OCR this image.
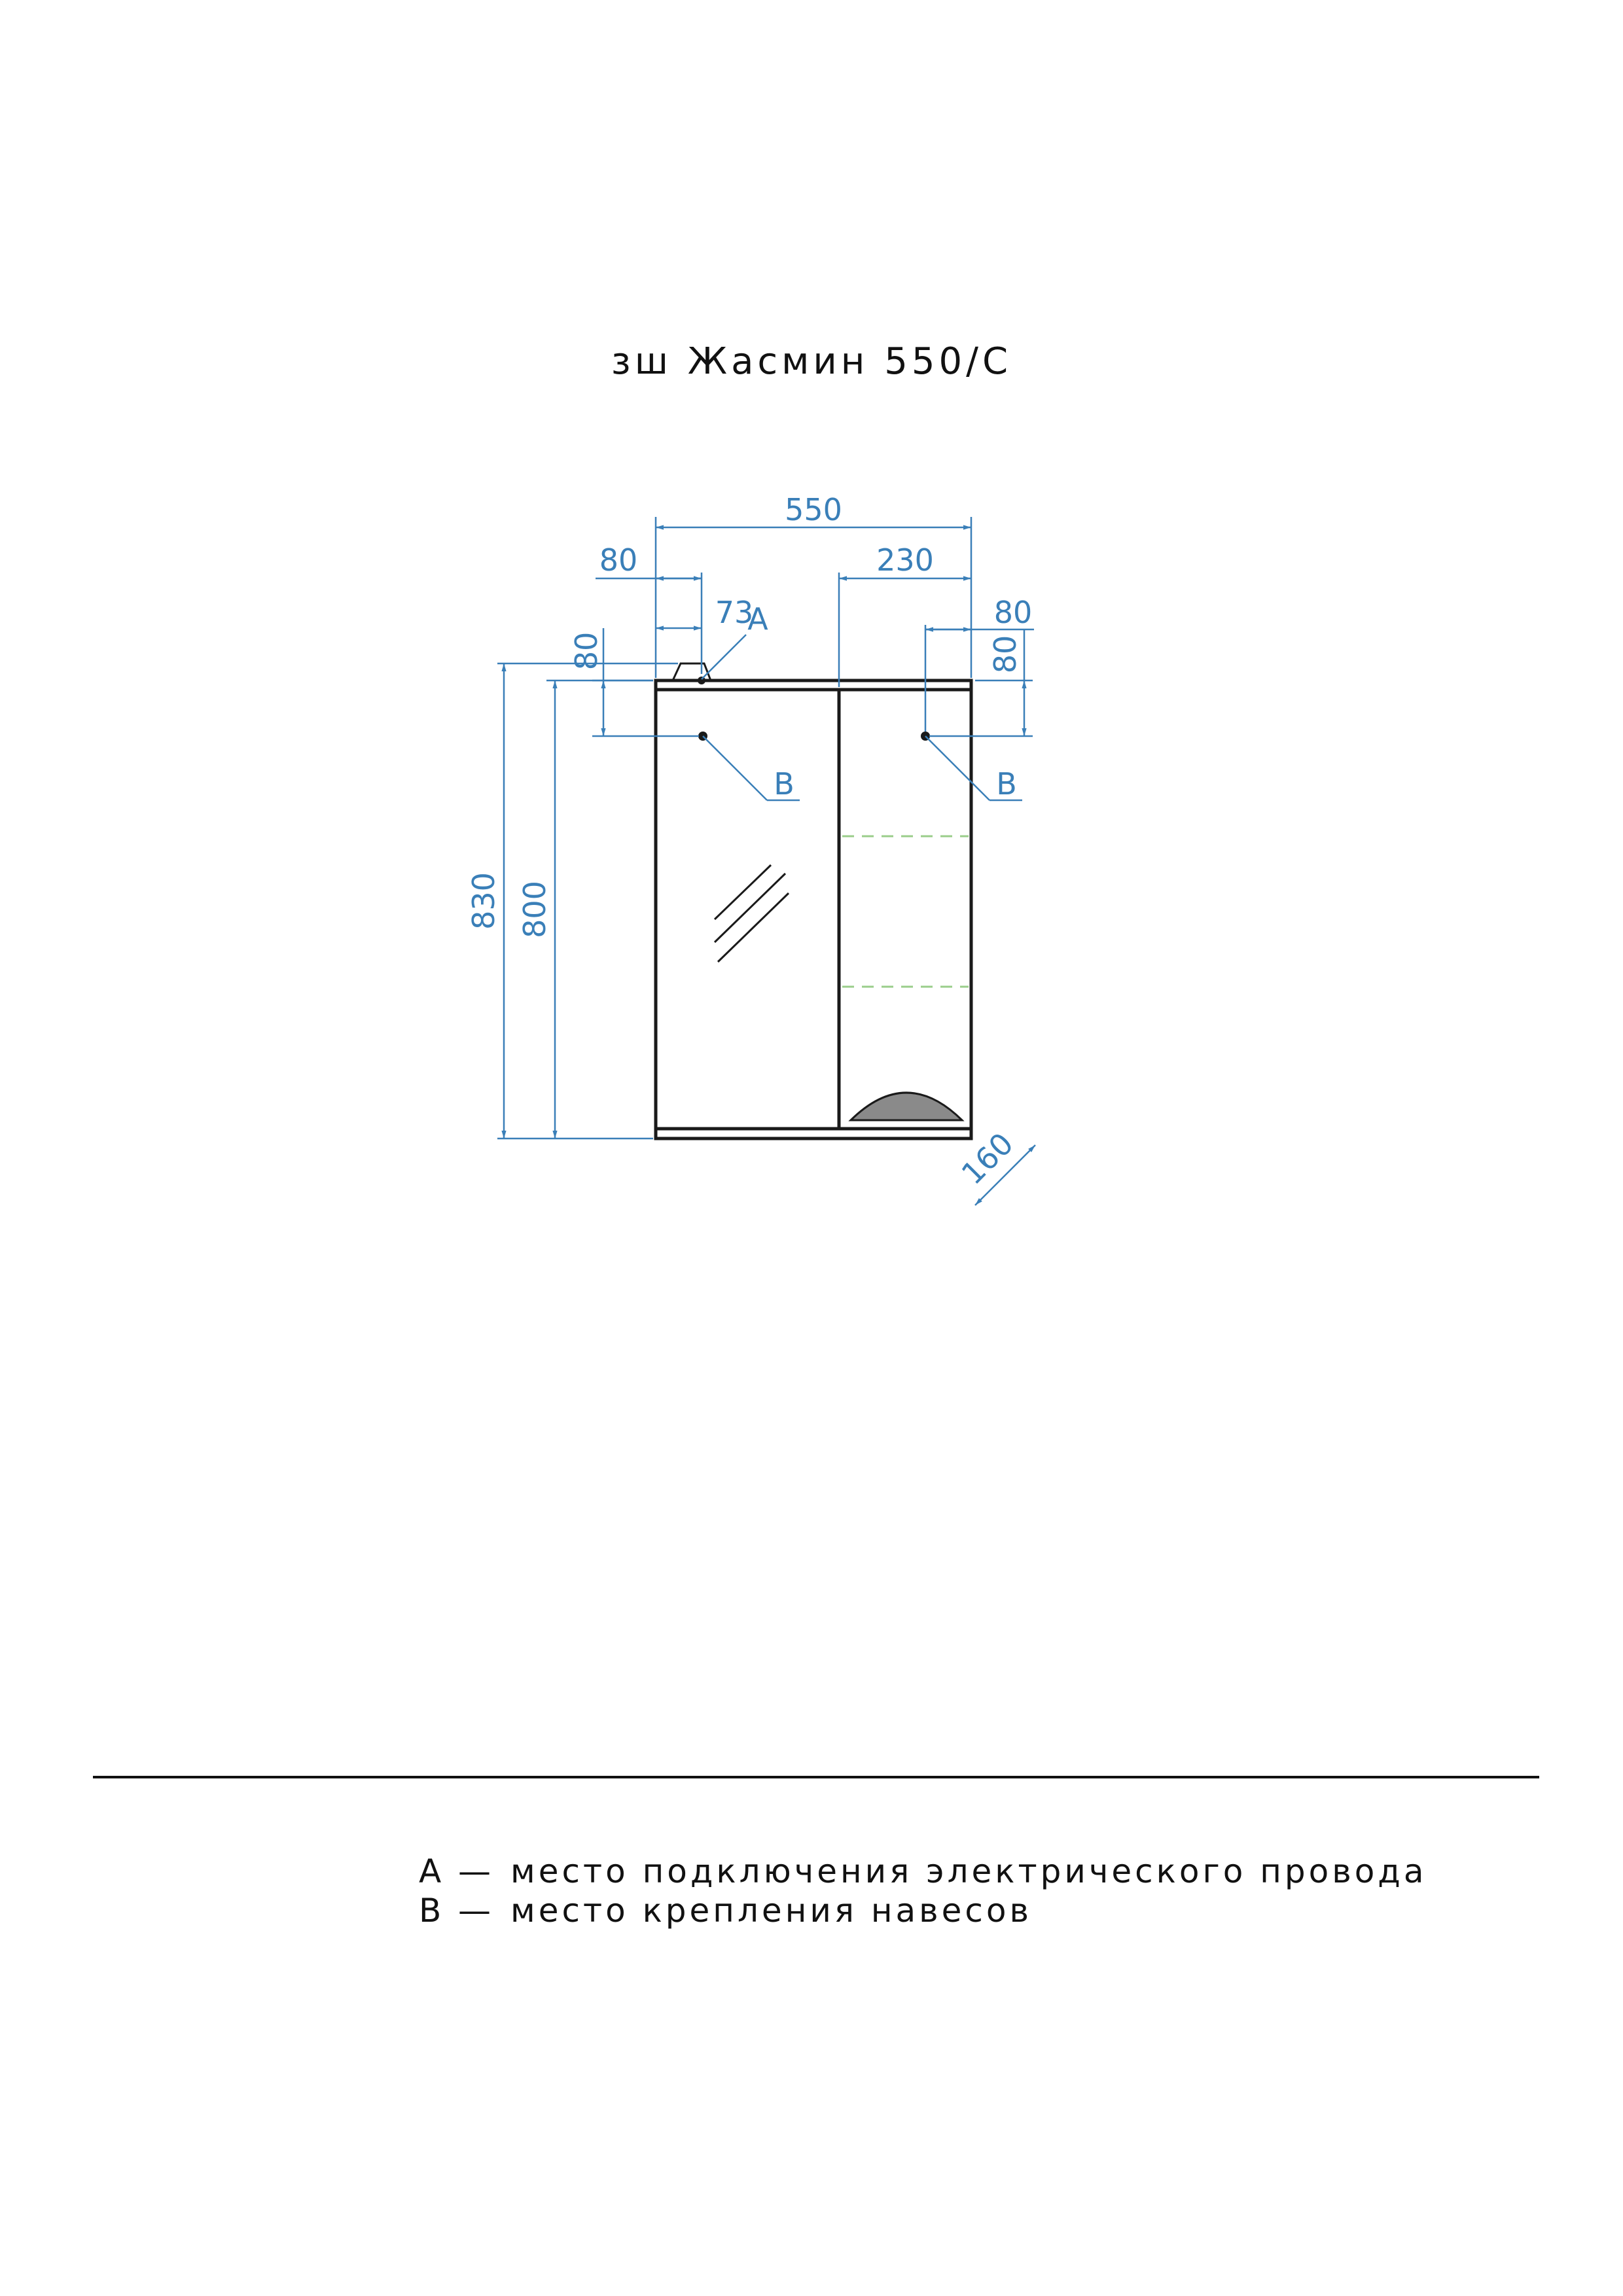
зш Жасмин 550/С
550
80	230
73
A	80
80
80
B	B
830 800
160
А — место подключения электрического провода
В — место крепления навесов
